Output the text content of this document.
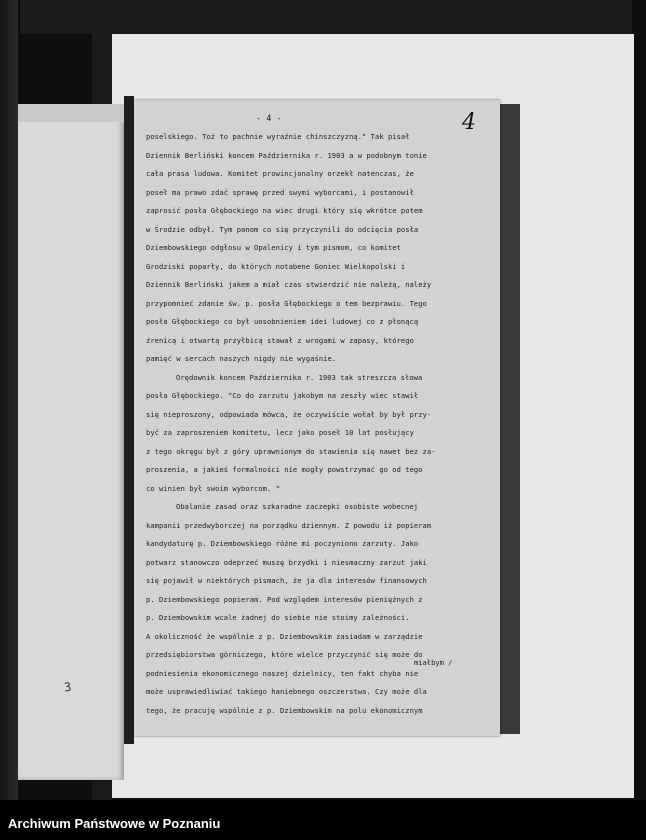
3
- 4 -	4
poselskiego. Toż to pachnie wyraźnie chinszczyzną." Tak pisał
Dziennik Berliński koncem Października r. 1903 a w podobnym tonie
cała prasa ludowa. Komitet prowincjonalny orzekł natenczas, że
poseł ma prawo zdać sprawę przed swymi wyborcami, i postanowił
zaprosić posła Głębockiego na wiec drugi który się wkrótce potem
w Środzie odbył. Tym panom co się przyczynili do odcięcia posła
Dziembowskiego odgłosu w Opalenicy i tym pismom, co komitet
Grodziski poparły, do których notabene Goniec Wielkopolski i
Dziennik Berliński jakem a miał czas stwierdzić nie należą, należy
przypomnieć zdanie św. p. posła Głębockiego o tem bezprawiu. Tego
posła Głębockiego co był uosobnieniem idei ludowej co z płonącą
źrenicą i otwartą przyłbicą stawał z wrogami w zapasy, którego
pamięć w sercach naszych nigdy nie wygaśnie.
Orędownik koncem Października r. 1903 tak streszcza słowa
posła Głębockiego. "Co do zarzutu jakobym na zeszły wiec stawił
się nieproszony, odpowiada mówca, że oczywiście wołał by był przy-
być za zaproszeniem komitetu, lecz jako poseł 10 lat posłujący
z tego okręgu był z góry uprawnionym do stawienia się nawet bez za-
proszenia, a jakieś formalności nie mogły powstrzymać go od tego
co winien był swoim wyborcom. "
Obalanie zasad oraz szkaradne zaczepki osobiste wobecnej
kampanii przedwyborczej na porządku dziennym. Z powodu iż popieram
kandydaturę p. Dziembowskiego różne mi poczyniono zarzuty. Jako
potwarz stanowczo odeprzeć muszę brzydki i niesmaczny zarzut jaki
się pojawił w niektórych pismach, że ja dla interesów finansowych
p. Dziembowskiego popieram. Pod względem interesów pieniężnych z
p. Dziembowskim wcale żadnej do siebie nie stoimy zależności.
A okoliczność że wspólnie z p. Dziembowskim zasiadam w zarządzie
przedsiębiorstwa górniczego, które wielce przyczynić się może do
podniesienia ekonomicznego naszej dzielnicy, ten fakt chyba nie
może usprawiedliwiać takiego haniebnego oszczerstwa. Czy może dla
tego, że pracuję wspólnie z p. Dziembowskim na polu ekonomicznym
miałbym /
Archiwum Państwowe w Poznaniu
